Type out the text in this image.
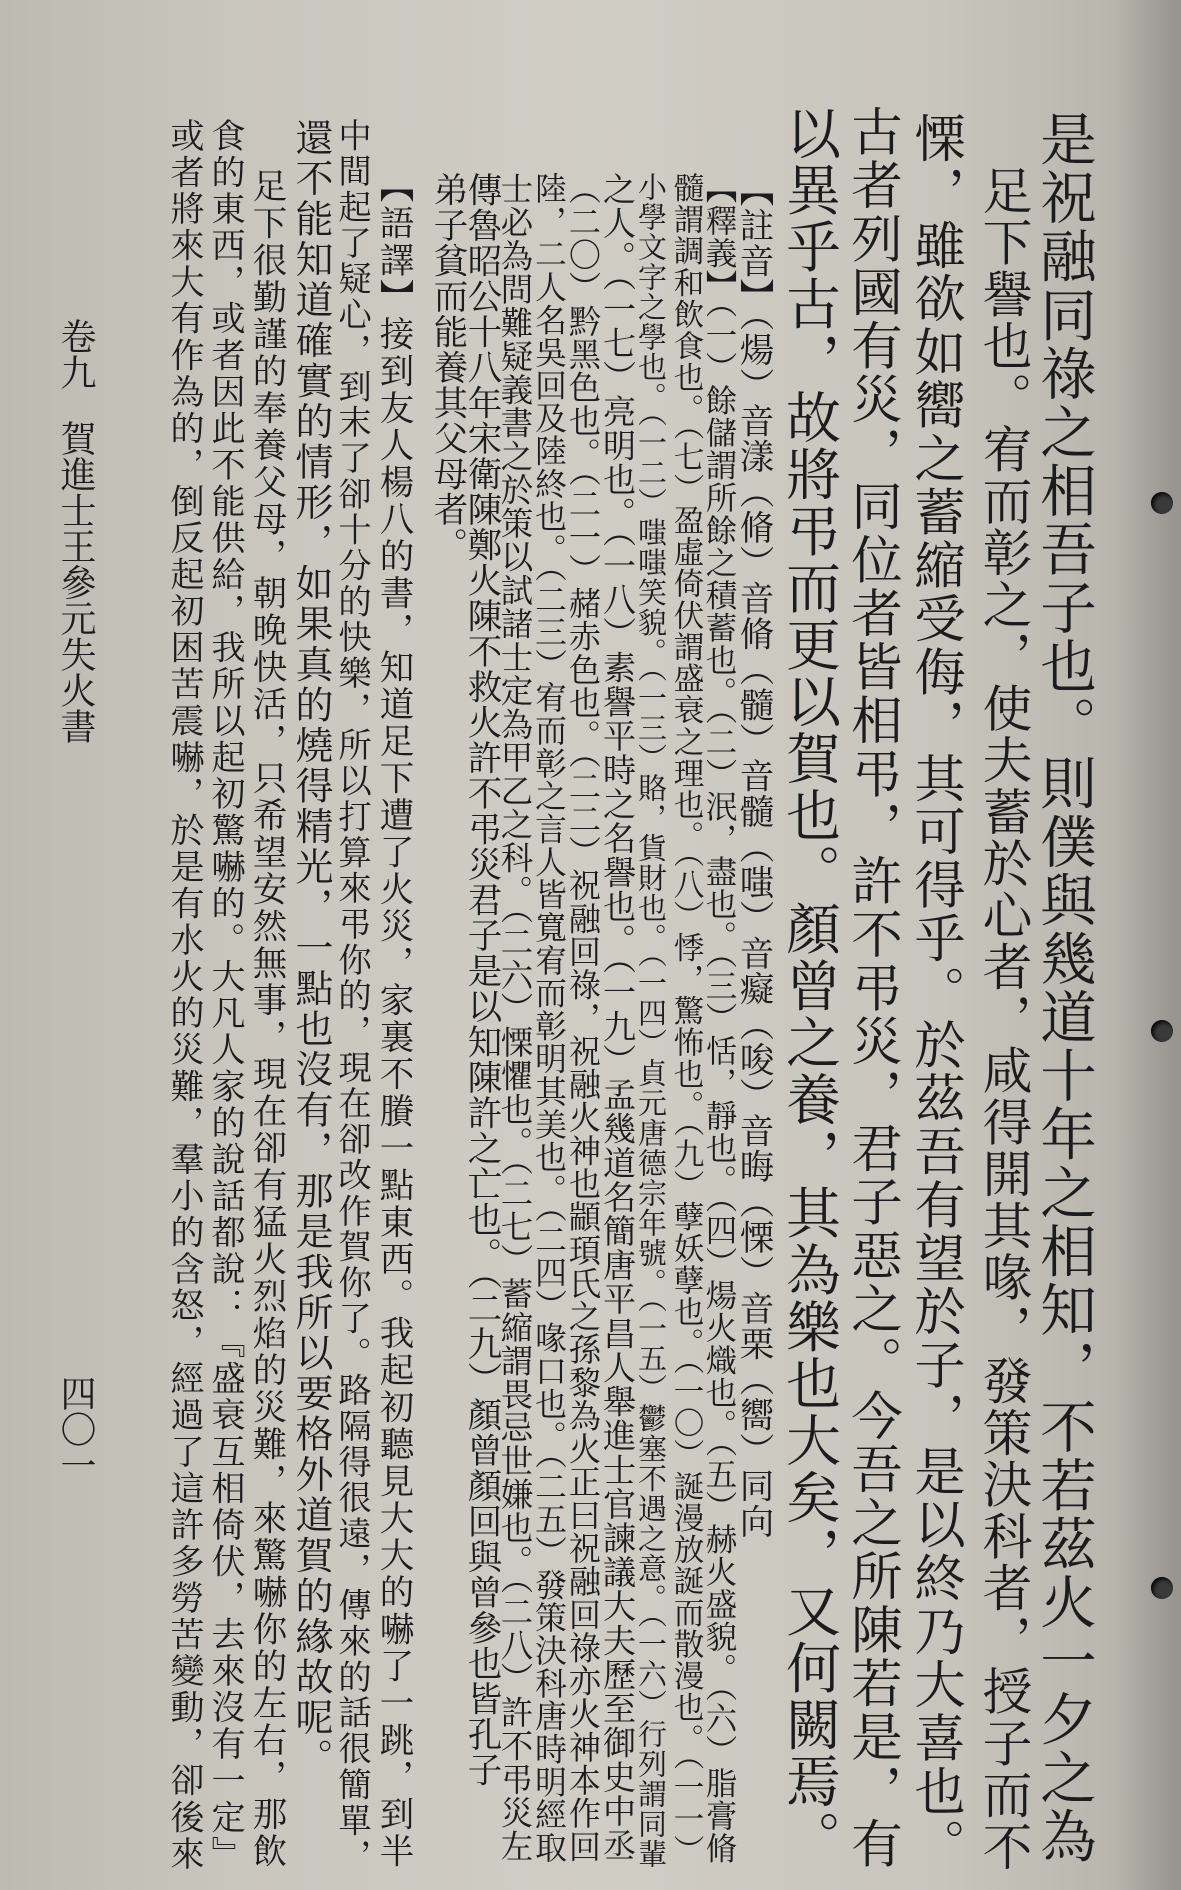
是祝融同祿之相吾子也。則僕與幾道十年之相知，不若茲火一夕之為
足下譽也。宥而彰之，使夫蓄於心者，咸得開其喙，發策決科者，授子而不
慄，雖欲如嚮之蓄縮受侮，其可得乎。於茲吾有望於子，是以終乃大喜也。
古者列國有災，同位者皆相弔，許不弔災，君子惡之。今吾之所陳若是，有
以異乎古，故將弔而更以賀也。顏曾之養，其為樂也大矣，又何闕焉。
【註音】（煬）音漾（脩）音脩（髓）音髓（嗤）音癡（唆）音晦（慄）音栗（嚮）同向
【釋義】（一）餘儲謂所餘之積蓄也。（二）泯，盡也。（三）恬，靜也。（四）煬火熾也。（五）赫火盛貌。（六）脂膏脩
髓謂調和飲食也。（七）盈虛倚伏謂盛衰之理也。（八）悸，驚怖也。（九）孽妖孽也。（一〇）誕漫放誕而散漫也。（一一）
小學文字之學也。（一二）嗤嗤笑貌。（一三）賂，貨財也。（一四）貞元唐德宗年號。（一五）鬱塞不遇之意。（一六）行列謂同輩
之人。（一七）亮明也。（一八）素譽平時之名譽也。（一九）孟幾道名簡唐平昌人舉進士官諫議大夫歷至御史中丞
（二〇）黔黑色也。（二一）赭赤色也。（二二）祝融回祿，祝融火神也顓頊氏之孫黎為火正曰祝融回祿亦火神本作回
陸，二人名吳回及陸終也。（二三）宥而彰之言人皆寬宥而彰明其美也。（二四）喙口也。（二五）發策決科唐時明經取
士必為問難疑義書之於策以試諸士定為甲乙之科。（二六）慄懼也。（二七）蓄縮謂畏忌世嫌也。（二八）許不弔災左
傳魯昭公十八年宋衛陳鄭火陳不救火許不弔災君子是以知陳許之亡也。（二九）顏曾顏回與曾參也皆孔子
弟子貧而能養其父母者。
【語譯】接到友人楊八的書，知道足下遭了火災，家裏不賸一點東西。我起初聽見大大的嚇了一跳，到半
中間起了疑心，到末了卻十分的快樂，所以打算來弔你的，現在卻改作賀你了。路隔得很遠，傳來的話很簡單，
還不能知道確實的情形，如果真的燒得精光，一點也沒有，那是我所以要格外道賀的緣故呢。
足下很勤謹的奉養父母，朝晚快活，只希望安然無事，現在卻有猛火烈焰的災難，來驚嚇你的左右，那飲
食的東西，或者因此不能供給，我所以起初驚嚇的。大凡人家的說話都說：『盛衰互相倚伏，去來沒有一定』
或者將來大有作為的，倒反起初困苦震嚇，於是有水火的災難，羣小的含怒，經過了這許多勞苦變動，卻後來
卷九
賀進士王參元失火書
四〇一
